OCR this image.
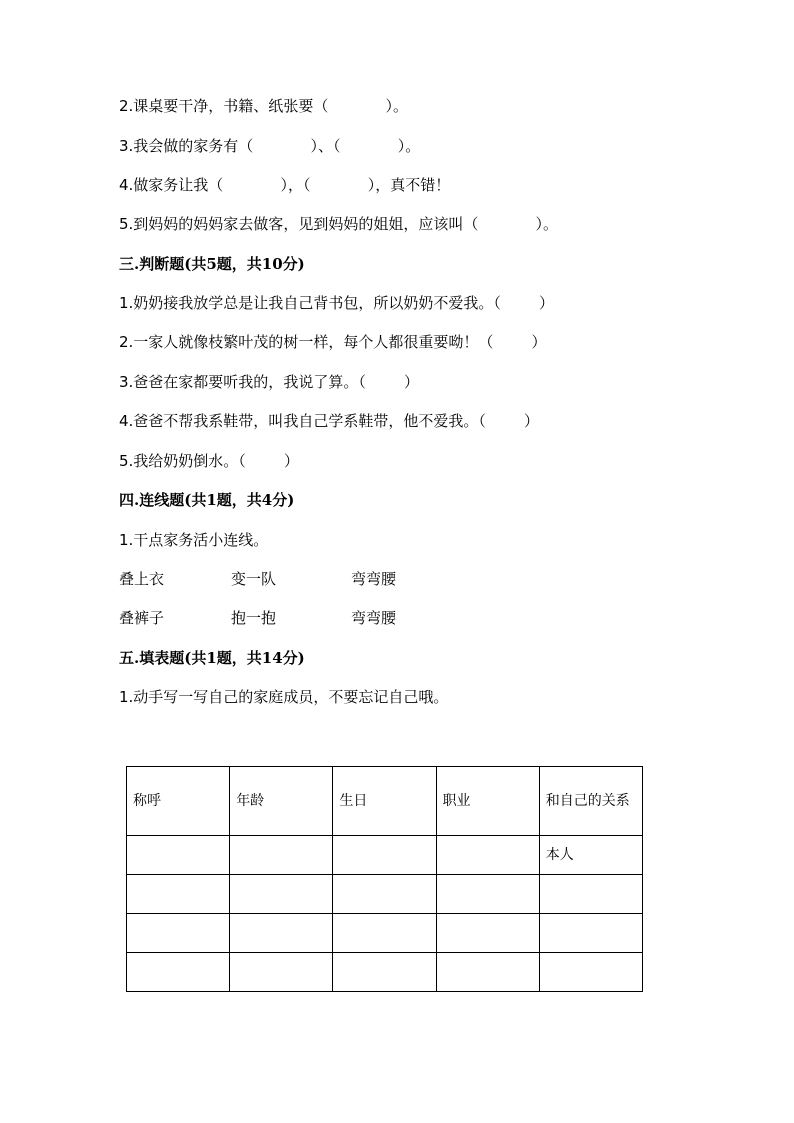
2.课桌要干净，书籍、纸张要（            ）。
3.我会做的家务有（            ）、（            ）。
4.做家务让我（            ），（            ），真不错！
5.到妈妈的妈妈家去做客，见到妈妈的姐姐，应该叫（            ）。
三.判断题(共5题，共10分)
1.奶奶接我放学总是让我自己背书包，所以奶奶不爱我。（        ）
2.一家人就像枝繁叶茂的树一样，每个人都很重要呦！（        ）
3.爸爸在家都要听我的，我说了算。（        ）
4.爸爸不帮我系鞋带，叫我自己学系鞋带，他不爱我。（        ）
5.我给奶奶倒水。（        ）
四.连线题(共1题，共4分)
1.干点家务活小连线。
叠上衣	变一队	弯弯腰
叠裤子	抱一抱	弯弯腰
五.填表题(共1题，共14分)
1.动手写一写自己的家庭成员，不要忘记自己哦。
称呼	年龄	生日	职业	和自己的关系
				本人
